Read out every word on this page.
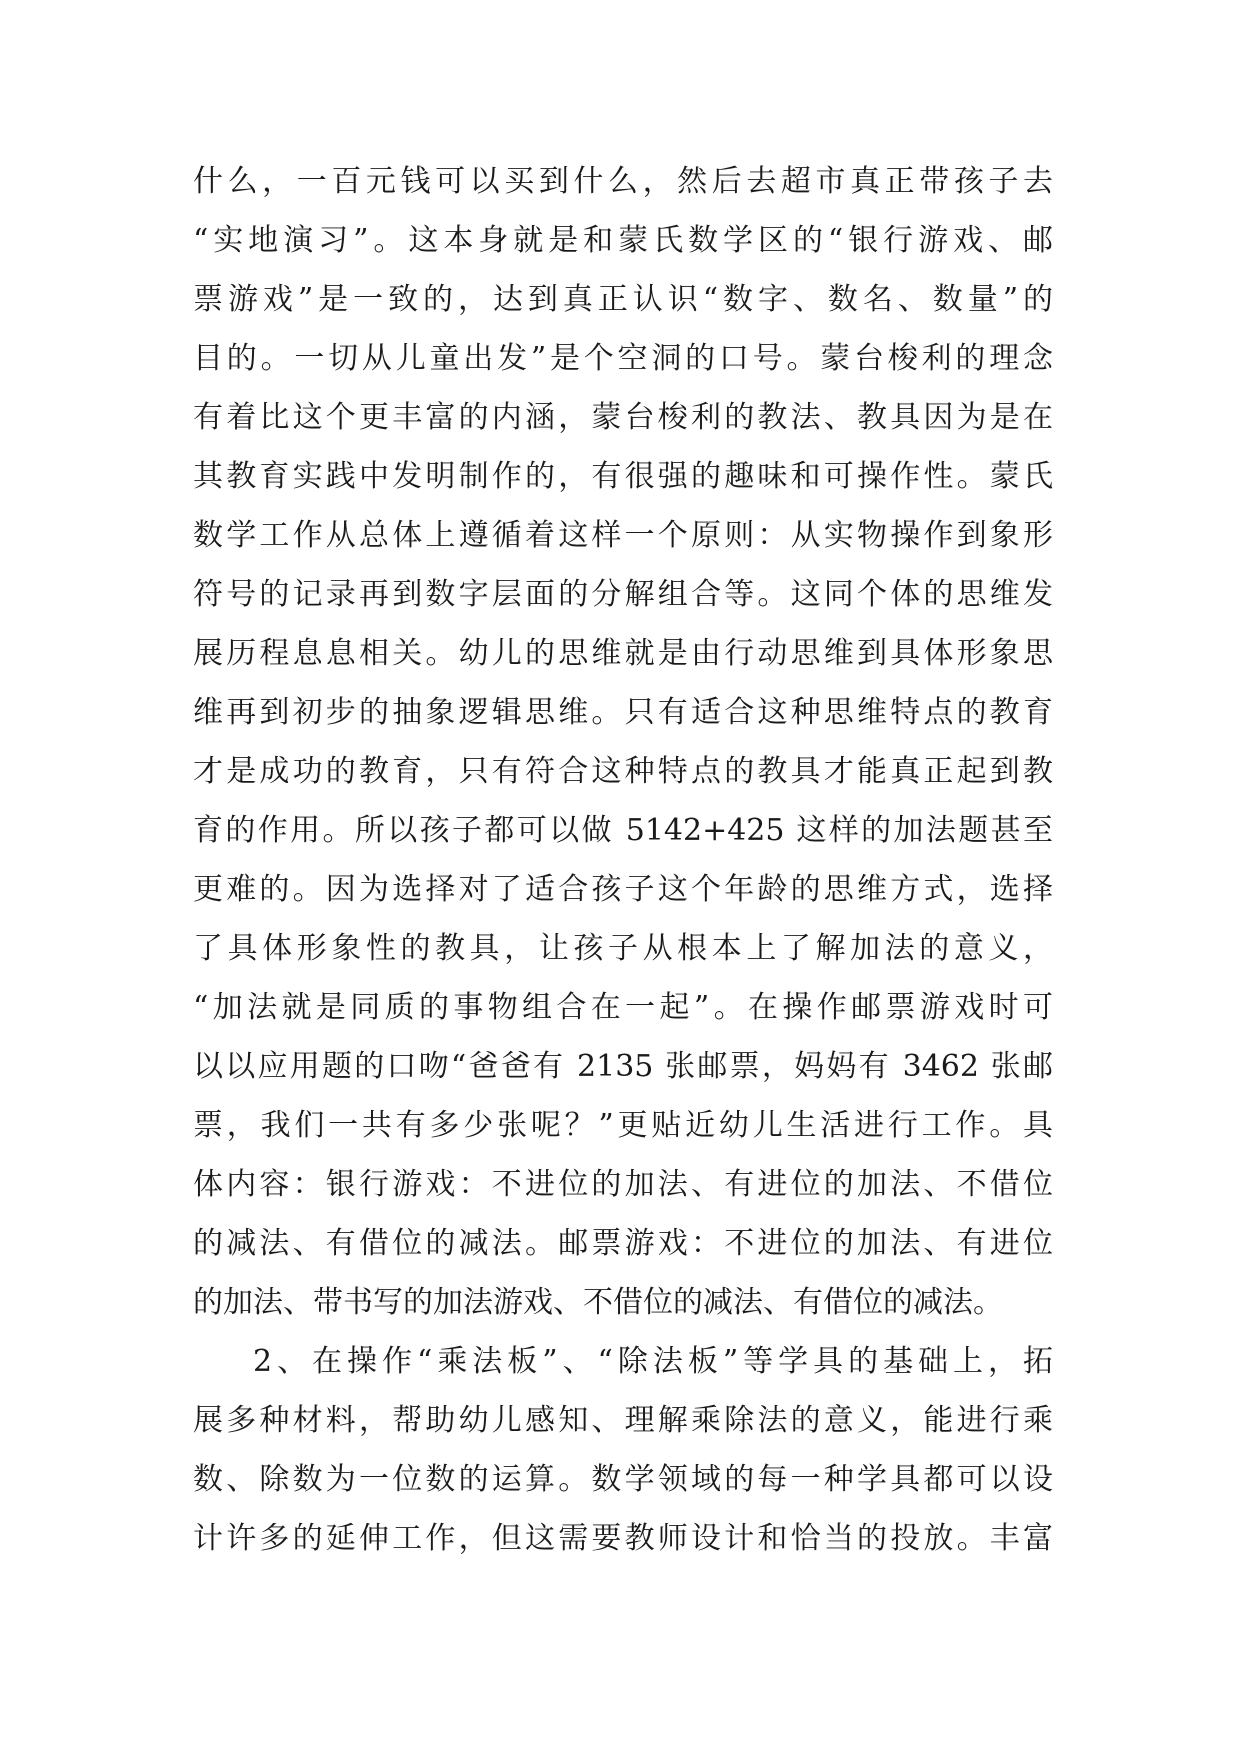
什么，一百元钱可以买到什么，然后去超市真正带孩子去
“实地演习”。这本身就是和蒙氏数学区的“银行游戏、邮
票游戏”是一致的，达到真正认识“数字、数名、数量”的
目的。一切从儿童出发”是个空洞的口号。蒙台梭利的理念
有着比这个更丰富的内涵，蒙台梭利的教法、教具因为是在
其教育实践中发明制作的，有很强的趣味和可操作性。蒙氏
数学工作从总体上遵循着这样一个原则：从实物操作到象形
符号的记录再到数字层面的分解组合等。这同个体的思维发
展历程息息相关。幼儿的思维就是由行动思维到具体形象思
维再到初步的抽象逻辑思维。只有适合这种思维特点的教育
才是成功的教育，只有符合这种特点的教具才能真正起到教
育的作用。所以孩子都可以做 5142+425 这样的加法题甚至
更难的。因为选择对了适合孩子这个年龄的思维方式，选择
了具体形象性的教具，让孩子从根本上了解加法的意义，
“加法就是同质的事物组合在一起”。在操作邮票游戏时可
以以应用题的口吻“爸爸有 2135 张邮票，妈妈有 3462 张邮
票，我们一共有多少张呢？”更贴近幼儿生活进行工作。具
体内容：银行游戏：不进位的加法、有进位的加法、不借位
的减法、有借位的减法。邮票游戏：不进位的加法、有进位
的加法、带书写的加法游戏、不借位的减法、有借位的减法。
2、在操作“乘法板”、“除法板”等学具的基础上，拓
展多种材料，帮助幼儿感知、理解乘除法的意义，能进行乘
数、除数为一位数的运算。数学领域的每一种学具都可以设
计许多的延伸工作，但这需要教师设计和恰当的投放。丰富
